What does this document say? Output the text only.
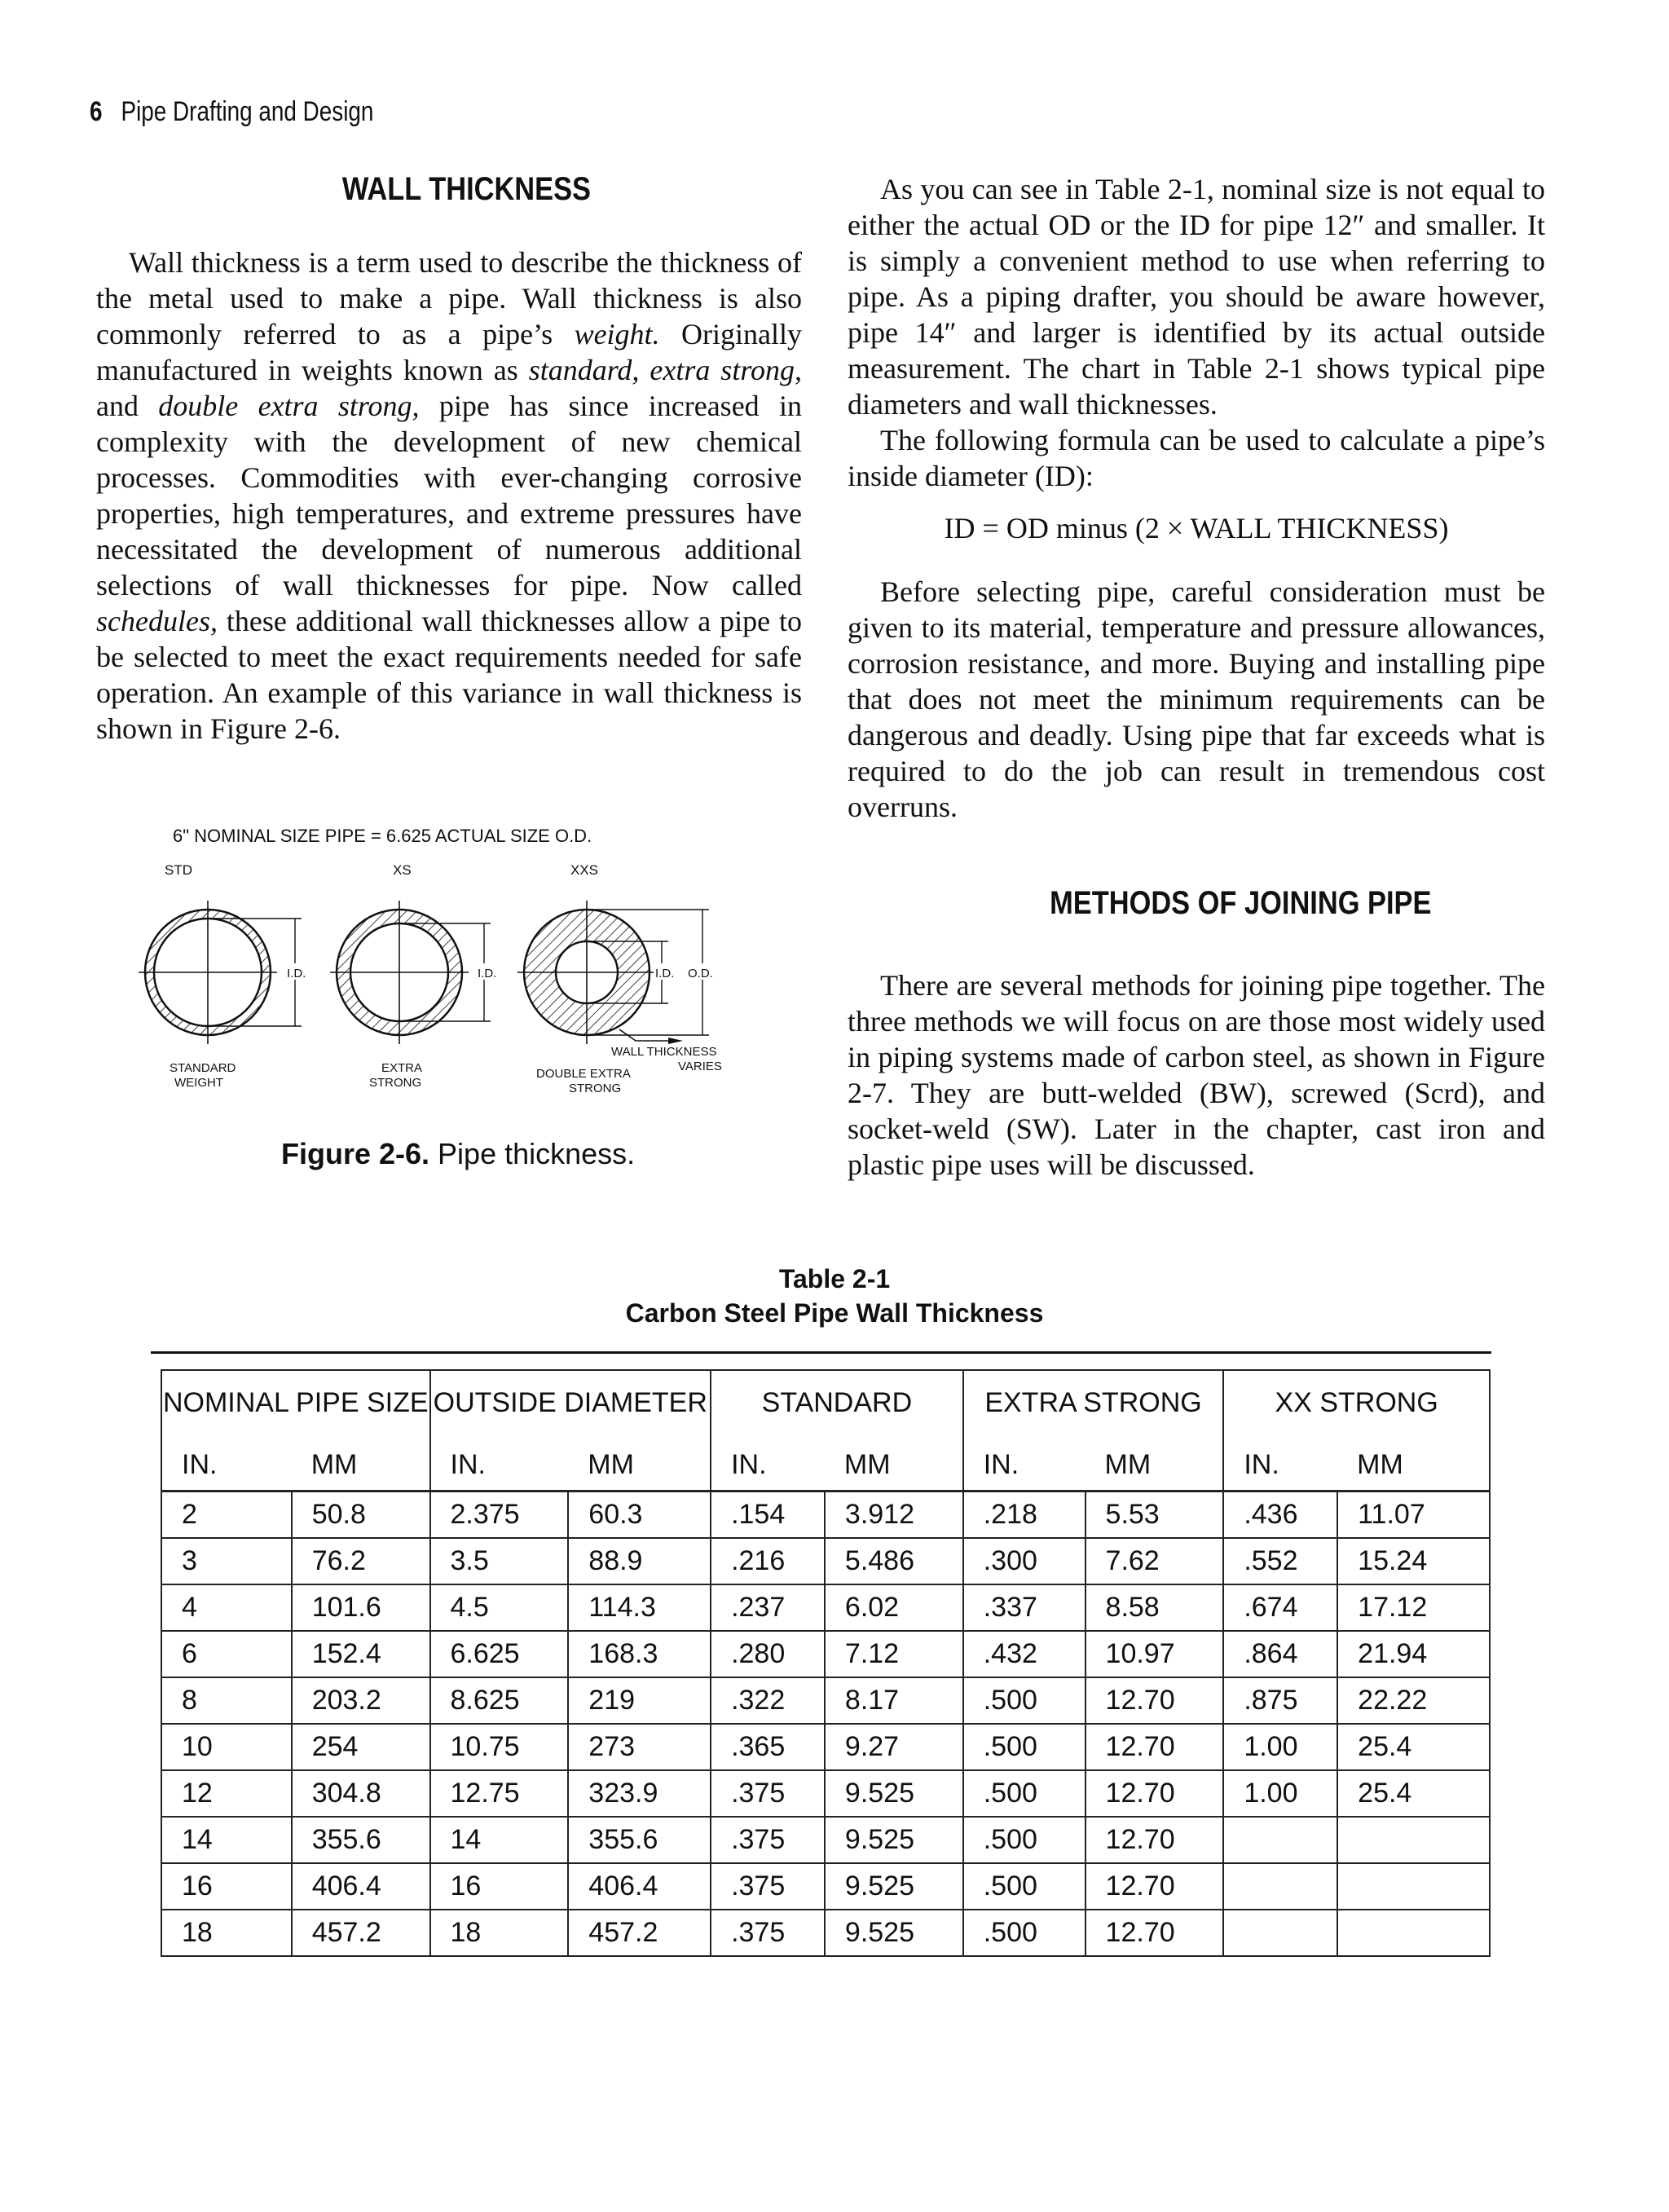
6 Pipe Drafting and Design
WALL THICKNESS

Wall thickness is a term used to describe the thickness of the metal used to make a pipe. Wall thickness is also commonly referred to as a pipe’s weight. Originally manufactured in weights known as standard, extra strong, and double extra strong, pipe has since increased in complexity with the development of new chemical processes. Commodities with ever-changing corrosive properties, high temperatures, and extreme pressures have necessitated the development of numerous additional selections of wall thicknesses for pipe. Now called schedules, these additional wall thicknesses allow a pipe to be selected to meet the exact requirements needed for safe operation. An example of this variance in wall thickness is shown in Figure 2-6.

6" NOMINAL SIZE PIPE = 6.625 ACTUAL SIZE O.D.
STD	XS	XXS
I.D.	I.D.	I.D. O.D.
WALL THICKNESS
VARIES
STANDARD
WEIGHT
EXTRA
STRONG
DOUBLE EXTRA
STRONG
Figure 2-6. Pipe thickness.

As you can see in Table 2-1, nominal size is not equal to either the actual OD or the ID for pipe 12″ and smaller. It is simply a convenient method to use when referring to pipe. As a piping drafter, you should be aware however, pipe 14″ and larger is identified by its actual outside measurement. The chart in Table 2-1 shows typical pipe diameters and wall thicknesses.

The following formula can be used to calculate a pipe’s inside diameter (ID):

ID = OD minus (2 × WALL THICKNESS)

Before selecting pipe, careful consideration must be given to its material, temperature and pressure allowances, corrosion resistance, and more. Buying and installing pipe that does not meet the minimum requirements can be dangerous and deadly. Using pipe that far exceeds what is required to do the job can result in tremendous cost overruns.

METHODS OF JOINING PIPE

There are several methods for joining pipe together. The three methods we will focus on are those most widely used in piping systems made of carbon steel, as shown in Figure 2-7. They are butt-welded (BW), screwed (Scrd), and socket-weld (SW). Later in the chapter, cast iron and plastic pipe uses will be discussed.

Table 2-1
Carbon Steel Pipe Wall Thickness
NOMINAL PIPE SIZE		OUTSIDE DIAMETER		STANDARD		EXTRA STRONG		XX STRONG	
IN.	MM	IN.	MM	IN.	MM	IN.	MM	IN.	MM
2	50.8	2.375	60.3	.154	3.912	.218	5.53	.436	11.07
3	76.2	3.5	88.9	.216	5.486	.300	7.62	.552	15.24
4	101.6	4.5	114.3	.237	6.02	.337	8.58	.674	17.12
6	152.4	6.625	168.3	.280	7.12	.432	10.97	.864	21.94
8	203.2	8.625	219	.322	8.17	.500	12.70	.875	22.22
10	254	10.75	273	.365	9.27	.500	12.70	1.00	25.4
12	304.8	12.75	323.9	.375	9.525	.500	12.70	1.00	25.4
14	355.6	14	355.6	.375	9.525	.500	12.70		
16	406.4	16	406.4	.375	9.525	.500	12.70		
18	457.2	18	457.2	.375	9.525	.500	12.70		
